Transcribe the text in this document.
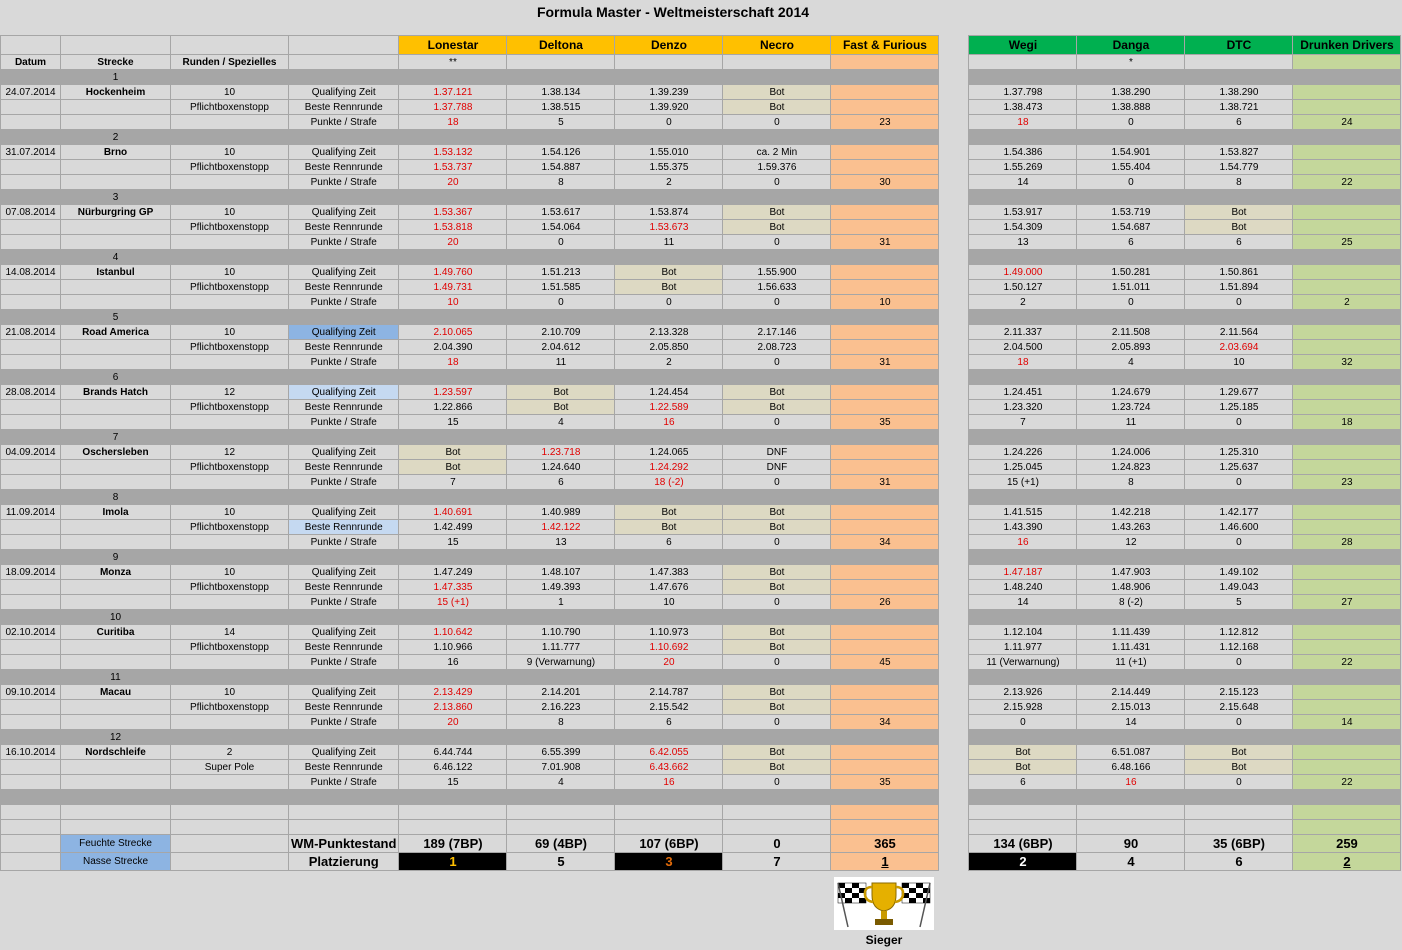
Formula Master - Weltmeisterschaft 2014
				Lonestar	Deltona	Denzo	Necro	Fast & Furious		Wegi	Danga	DTC	Drunken Drivers
Datum	Strecke	Runden / Spezielles		**							*		
	1												
24.07.2014	Hockenheim	10	Qualifying Zeit	1.37.121	1.38.134	1.39.239	Bot			1.37.798	1.38.290	1.38.290	
		Pflichtboxenstopp	Beste Rennrunde	1.37.788	1.38.515	1.39.920	Bot			1.38.473	1.38.888	1.38.721	
			Punkte / Strafe	18	5	0	0	23		18	0	6	24
	2												
31.07.2014	Brno	10	Qualifying Zeit	1.53.132	1.54.126	1.55.010	ca. 2 Min			1.54.386	1.54.901	1.53.827	
		Pflichtboxenstopp	Beste Rennrunde	1.53.737	1.54.887	1.55.375	1.59.376			1.55.269	1.55.404	1.54.779	
			Punkte / Strafe	20	8	2	0	30		14	0	8	22
	3												
07.08.2014	Nürburgring GP	10	Qualifying Zeit	1.53.367	1.53.617	1.53.874	Bot			1.53.917	1.53.719	Bot	
		Pflichtboxenstopp	Beste Rennrunde	1.53.818	1.54.064	1.53.673	Bot			1.54.309	1.54.687	Bot	
			Punkte / Strafe	20	0	11	0	31		13	6	6	25
	4												
14.08.2014	Istanbul	10	Qualifying Zeit	1.49.760	1.51.213	Bot	1.55.900			1.49.000	1.50.281	1.50.861	
		Pflichtboxenstopp	Beste Rennrunde	1.49.731	1.51.585	Bot	1.56.633			1.50.127	1.51.011	1.51.894	
			Punkte / Strafe	10	0	0	0	10		2	0	0	2
	5												
21.08.2014	Road America	10	Qualifying Zeit	2.10.065	2.10.709	2.13.328	2.17.146			2.11.337	2.11.508	2.11.564	
		Pflichtboxenstopp	Beste Rennrunde	2.04.390	2.04.612	2.05.850	2.08.723			2.04.500	2.05.893	2.03.694	
			Punkte / Strafe	18	11	2	0	31		18	4	10	32
	6												
28.08.2014	Brands Hatch	12	Qualifying Zeit	1.23.597	Bot	1.24.454	Bot			1.24.451	1.24.679	1.29.677	
		Pflichtboxenstopp	Beste Rennrunde	1.22.866	Bot	1.22.589	Bot			1.23.320	1.23.724	1.25.185	
			Punkte / Strafe	15	4	16	0	35		7	11	0	18
	7												
04.09.2014	Oschersleben	12	Qualifying Zeit	Bot	1.23.718	1.24.065	DNF			1.24.226	1.24.006	1.25.310	
		Pflichtboxenstopp	Beste Rennrunde	Bot	1.24.640	1.24.292	DNF			1.25.045	1.24.823	1.25.637	
			Punkte / Strafe	7	6	18 (-2)	0	31		15 (+1)	8	0	23
	8												
11.09.2014	Imola	10	Qualifying Zeit	1.40.691	1.40.989	Bot	Bot			1.41.515	1.42.218	1.42.177	
		Pflichtboxenstopp	Beste Rennrunde	1.42.499	1.42.122	Bot	Bot			1.43.390	1.43.263	1.46.600	
			Punkte / Strafe	15	13	6	0	34		16	12	0	28
	9												
18.09.2014	Monza	10	Qualifying Zeit	1.47.249	1.48.107	1.47.383	Bot			1.47.187	1.47.903	1.49.102	
		Pflichtboxenstopp	Beste Rennrunde	1.47.335	1.49.393	1.47.676	Bot			1.48.240	1.48.906	1.49.043	
			Punkte / Strafe	15 (+1)	1	10	0	26		14	8 (-2)	5	27
	10												
02.10.2014	Curitiba	14	Qualifying Zeit	1.10.642	1.10.790	1.10.973	Bot			1.12.104	1.11.439	1.12.812	
		Pflichtboxenstopp	Beste Rennrunde	1.10.966	1.11.777	1.10.692	Bot			1.11.977	1.11.431	1.12.168	
			Punkte / Strafe	16	9 (Verwarnung)	20	0	45		11 (Verwarnung)	11 (+1)	0	22
	11												
09.10.2014	Macau	10	Qualifying Zeit	2.13.429	2.14.201	2.14.787	Bot			2.13.926	2.14.449	2.15.123	
		Pflichtboxenstopp	Beste Rennrunde	2.13.860	2.16.223	2.15.542	Bot			2.15.928	2.15.013	2.15.648	
			Punkte / Strafe	20	8	6	0	34		0	14	0	14
	12												
16.10.2014	Nordschleife	2	Qualifying Zeit	6.44.744	6.55.399	6.42.055	Bot			Bot	6.51.087	Bot	
		Super Pole	Beste Rennrunde	6.46.122	7.01.908	6.43.662	Bot			Bot	6.48.166	Bot	
			Punkte / Strafe	15	4	16	0	35		6	16	0	22

	Feuchte Strecke		WM-Punktestand	189 (7BP)	69 (4BP)	107 (6BP)	0	365		134 (6BP)	90	35 (6BP)	259
	Nasse Strecke		Platzierung	1	5	3	7	1		2	4	6	2
Sieger
